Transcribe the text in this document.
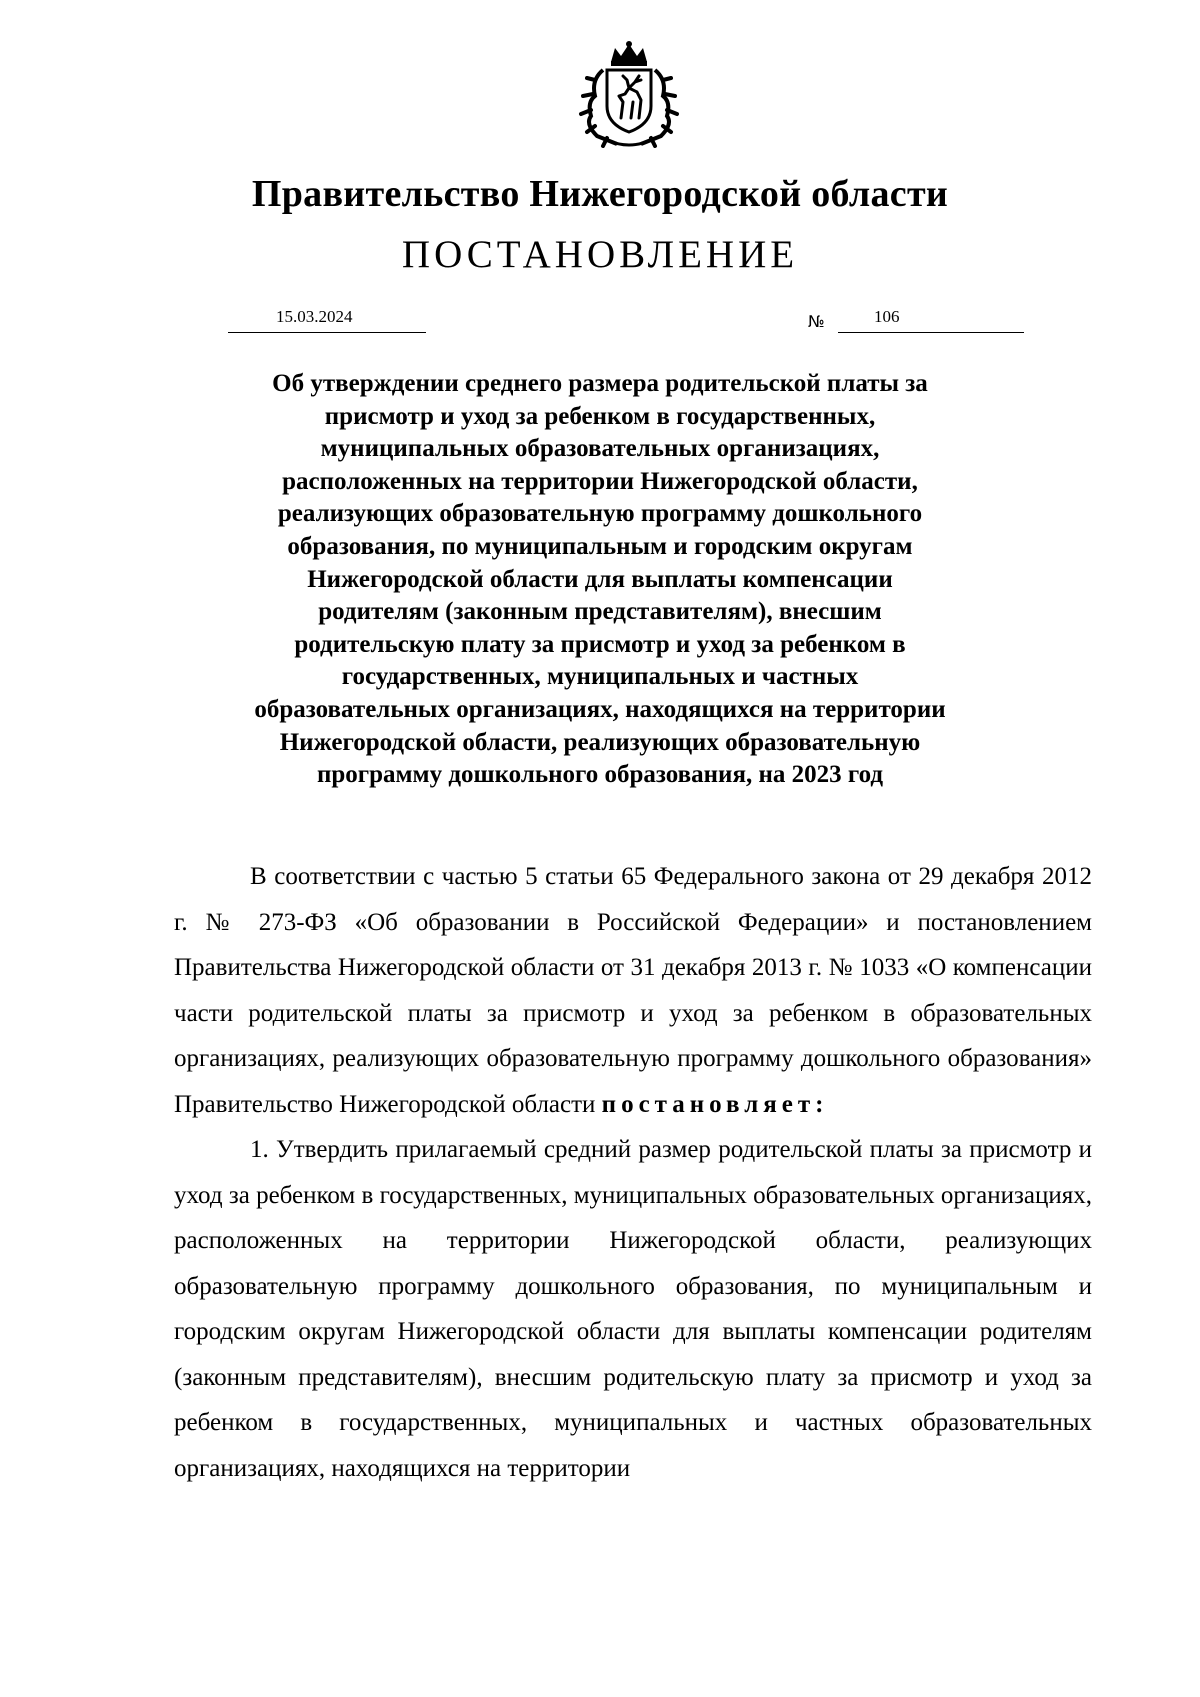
Правительство Нижегородской области
ПОСТАНОВЛЕНИЕ
15.03.2024	№	106
Об утверждении среднего размера родительской платы за
присмотр и уход за ребенком в государственных,
муниципальных образовательных организациях,
расположенных на территории Нижегородской области,
реализующих образовательную программу дошкольного
образования, по муниципальным и городским округам
Нижегородской области для выплаты компенсации
родителям (законным представителям), внесшим
родительскую плату за присмотр и уход за ребенком в
государственных, муниципальных и частных
образовательных организациях, находящихся на территории
Нижегородской области, реализующих образовательную
программу дошкольного образования, на 2023 год

В соответствии с частью 5 статьи 65 Федерального закона от 29 декабря 2012 г. № 273-ФЗ «Об образовании в Российской Федерации» и постановлением Правительства Нижегородской области от 31 декабря 2013 г. № 1033 «О компенсации части родительской платы за присмотр и уход за ребенком в образовательных организациях, реализующих образовательную программу дошкольного образования» Правительство Нижегородской области постановляет:

1. Утвердить прилагаемый средний размер родительской платы за присмотр и уход за ребенком в государственных, муниципальных образовательных организациях, расположенных на территории Нижегородской области, реализующих образовательную программу дошкольного образования, по муниципальным и городским округам Нижегородской области для выплаты компенсации родителям (законным представителям), внесшим родительскую плату за присмотр и уход за ребенком в государственных, муниципальных и частных образовательных организациях, находящихся на территории
